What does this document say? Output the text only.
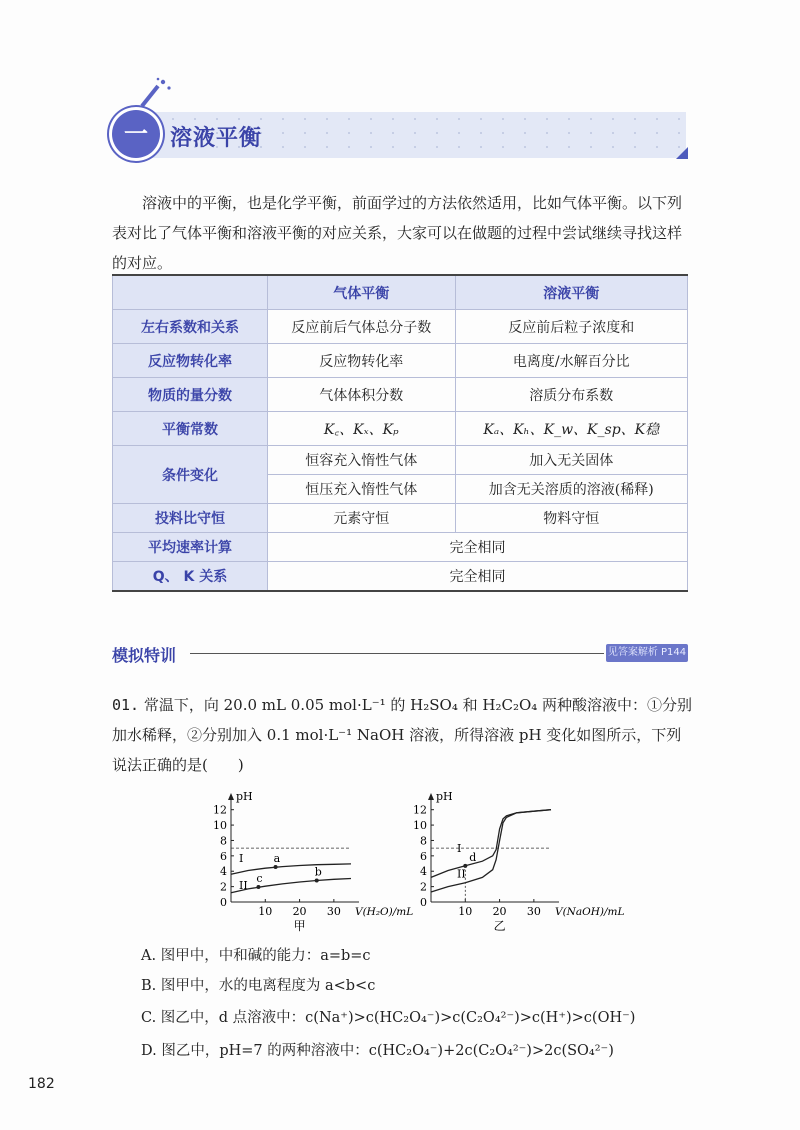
一	溶液平衡
溶液中的平衡，也是化学平衡，前面学过的方法依然适用，比如气体平衡。以下列表对比了气体平衡和溶液平衡的对应关系，大家可以在做题的过程中尝试继续寻找这样的对应。
	气体平衡	溶液平衡
左右系数和关系	反应前后气体总分子数	反应前后粒子浓度和
反应物转化率	反应物转化率	电离度/水解百分比
物质的量分数	气体体积分数	溶质分布系数
平衡常数	K꜀、Kₓ、Kₚ	Kₐ、Kₕ、K_w、K_sp、K稳
条件变化	恒容充入惰性气体	加入无关固体
	恒压充入惰性气体	加含无关溶质的溶液(稀释)
投料比守恒	元素守恒	物料守恒
平均速率计算	完全相同	
Q、 K 关系	完全相同	
模拟特训	见答案解析 P144
01. 常温下，向 20.0 mL 0.05 mol·L⁻¹ 的 H₂SO₄ 和 H₂C₂O₄ 两种酸溶液中：①分别加水稀释，②分别加入 0.1 mol·L⁻¹ NaOH 溶液，所得溶液 pH 变化如图所示，下列说法正确的是(　　)
pH
0
2
4
6
8
10
12
10 20 30 V(H₂O)/mL
I
II
a
b
c
甲
pH
0
2
4
6
8
10
12
10 20 30 V(NaOH)/mL
I
II
d
乙
A. 图甲中，中和碱的能力：a=b=c
B. 图甲中，水的电离程度为 a<b<c
C. 图乙中，d 点溶液中：c(Na⁺)>c(HC₂O₄⁻)>c(C₂O₄²⁻)>c(H⁺)>c(OH⁻)
D. 图乙中，pH=7 的两种溶液中：c(HC₂O₄⁻)+2c(C₂O₄²⁻)>2c(SO₄²⁻)
182
